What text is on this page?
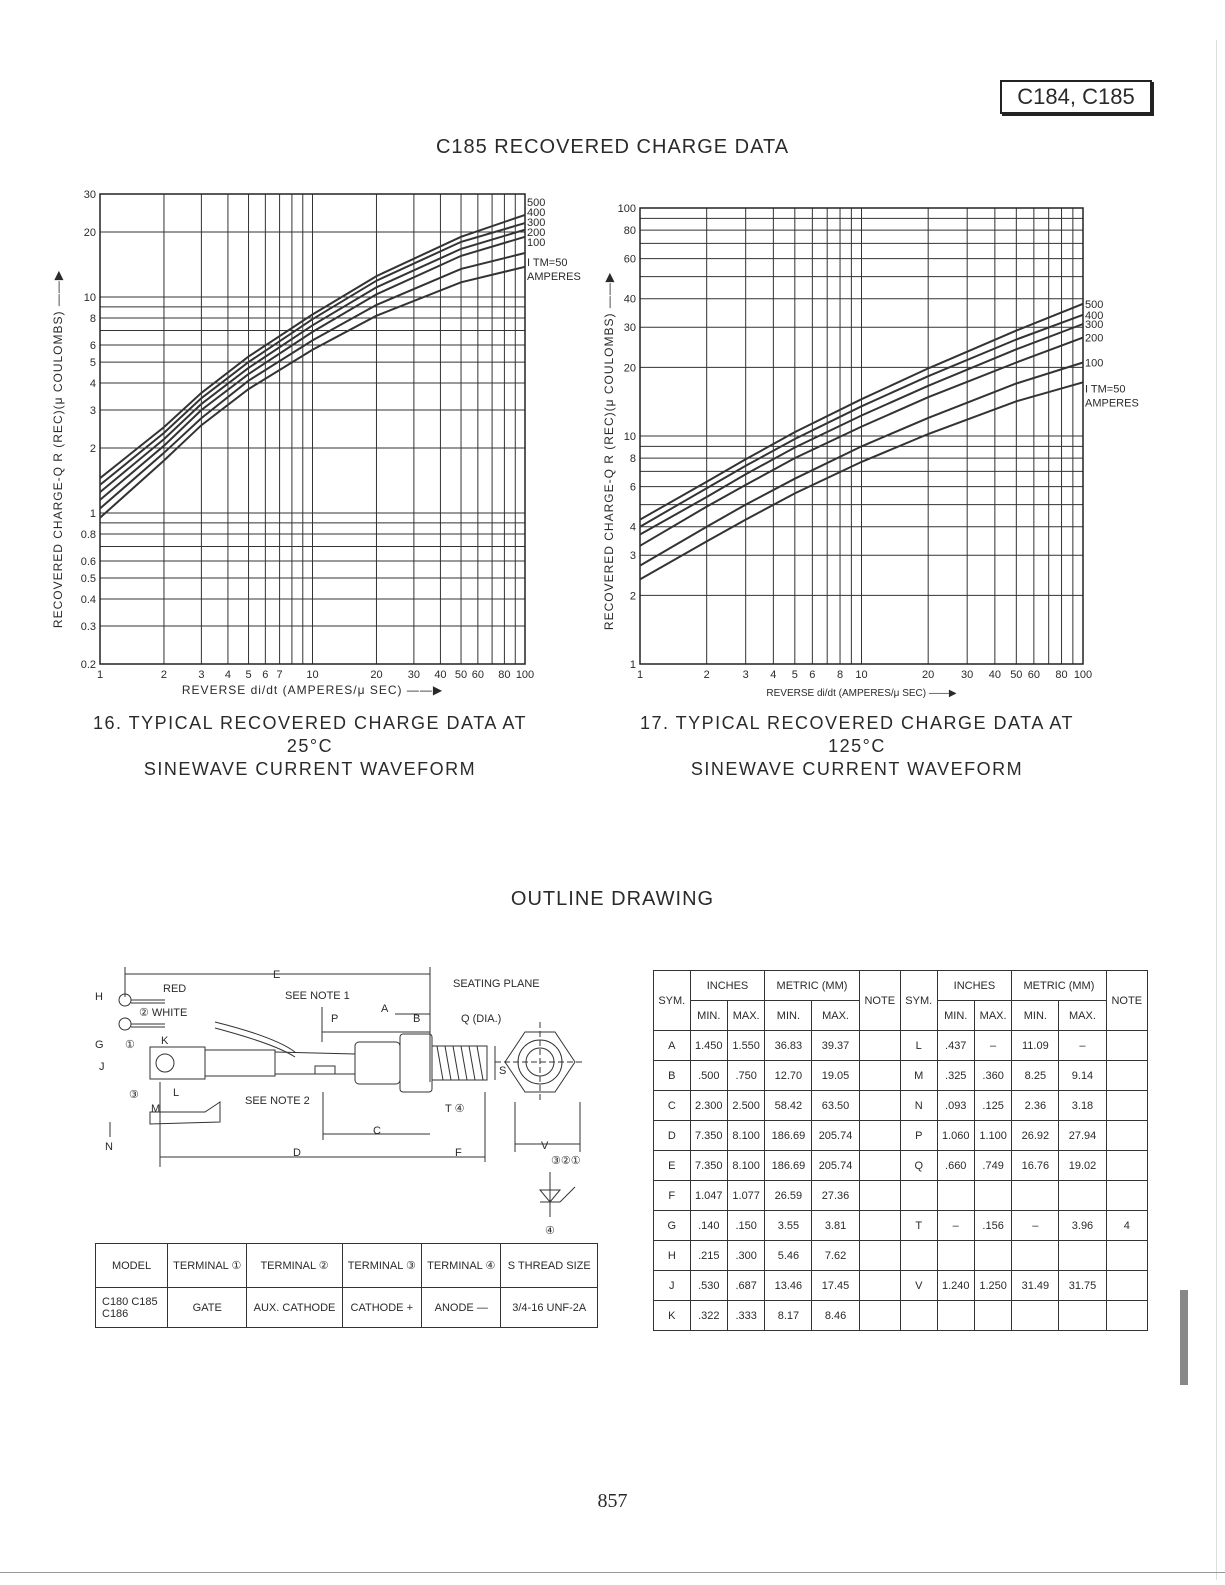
C184, C185
C185 RECOVERED CHARGE DATA
1	2	3 4 5 6 7 10	20 30 40 50 60 80 100
0.2
0.3
0.4
0.5
0.6
0.8
1
2
3
4
5
6
8
10
20
30
500
400
300
200
100
I TM=50
AMPERES
REVERSE di/dt (AMPERES/μ SEC) ——▶
RECOVERED CHARGE-Q R (REC)(μ COULOMBS) ——▶
16. TYPICAL RECOVERED CHARGE DATA AT 25°C
SINEWAVE CURRENT WAVEFORM
1	2	3 4 5 6 8 10	20 30 40 50 60 80 100
1
2
3
4
6
8
10
20
30
40
60
80
100
500
400
300
200
100
I TM=50
AMPERES
REVERSE di/dt (AMPERES/μ SEC) ——▶
RECOVERED CHARGE-Q R (REC)(μ COULOMBS) ——▶
17. TYPICAL RECOVERED CHARGE DATA AT 125°C
SINEWAVE CURRENT WAVEFORM
OUTLINE DRAWING
RED
② WHITE
E
SEATING PLANE
SEE NOTE 1
A
B
P	Q (DIA.)
SEE NOTE 2
C
D	F
S
T ④
V
H
G
J
K
L
M
N
①
③
③②①
④
MODEL	TERMINAL ①	TERMINAL ②	TERMINAL ③	TERMINAL ④	S THREAD SIZE

C180 C185
C186	GATE	AUX. CATHODE	CATHODE +	ANODE —	3/4-16 UNF-2A
SYM.	INCHES		METRIC (MM)		NOTE	SYM.	INCHES		METRIC (MM)		NOTE
	MIN.	MAX.	MIN.	MAX.			MIN.	MAX.	MIN.	MAX.	
A	1.450	1.550	36.83	39.37		L	.437	–	11.09	–	
B	.500	.750	12.70	19.05		M	.325	.360	8.25	9.14	
C	2.300	2.500	58.42	63.50		N	.093	.125	2.36	3.18	
D	7.350	8.100	186.69	205.74		P	1.060	1.100	26.92	27.94	
E	7.350	8.100	186.69	205.74		Q	.660	.749	16.76	19.02	
F	1.047	1.077	26.59	27.36							
G	.140	.150	3.55	3.81		T	–	.156	–	3.96	4
H	.215	.300	5.46	7.62							
J	.530	.687	13.46	17.45		V	1.240	1.250	31.49	31.75	
K	.322	.333	8.17	8.46							
857
